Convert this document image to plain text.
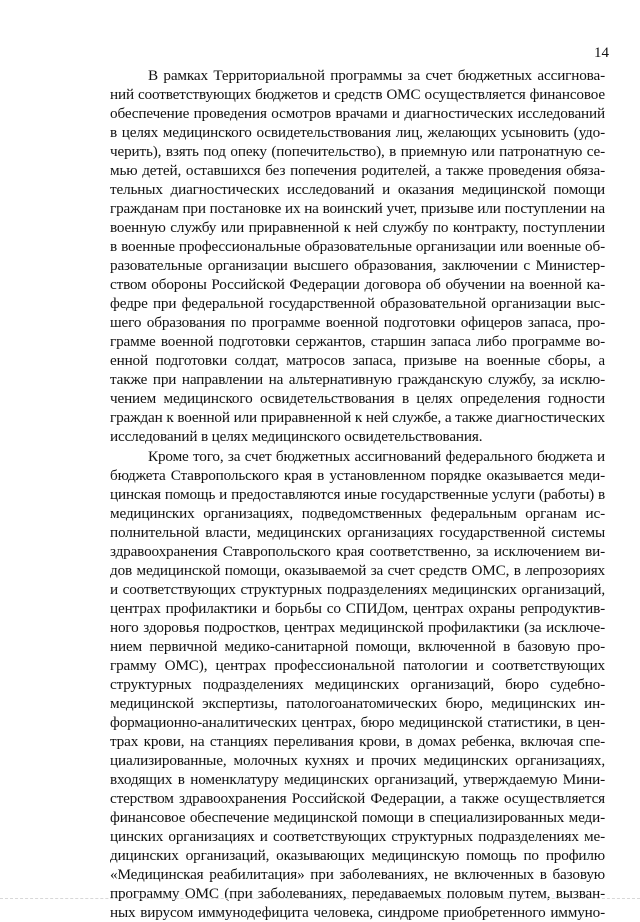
14
В рамках Территориальной программы за счет бюджетных ассигнова-
ний соответствующих бюджетов и средств ОМС осуществляется финансовое
обеспечение проведения осмотров врачами и диагностических исследований
в целях медицинского освидетельствования лиц, желающих усыновить (удо-
черить), взять под опеку (попечительство), в приемную или патронатную се-
мью детей, оставшихся без попечения родителей, а также проведения обяза-
тельных диагностических исследований и оказания медицинской помощи
гражданам при постановке их на воинский учет, призыве или поступлении на
военную службу или приравненной к ней службу по контракту, поступлении
в военные профессиональные образовательные организации или военные об-
разовательные организации высшего образования, заключении с Министер-
ством обороны Российской Федерации договора об обучении на военной ка-
федре при федеральной государственной образовательной организации выс-
шего образования по программе военной подготовки офицеров запаса, про-
грамме военной подготовки сержантов, старшин запаса либо программе во-
енной подготовки солдат, матросов запаса, призыве на военные сборы, а
также при направлении на альтернативную гражданскую службу, за исклю-
чением медицинского освидетельствования в целях определения годности
граждан к военной или приравненной к ней службе, а также диагностических
исследований в целях медицинского освидетельствования.
Кроме того, за счет бюджетных ассигнований федерального бюджета и
бюджета Ставропольского края в установленном порядке оказывается меди-
цинская помощь и предоставляются иные государственные услуги (работы) в
медицинских организациях, подведомственных федеральным органам ис-
полнительной власти, медицинских организациях государственной системы
здравоохранения Ставропольского края соответственно, за исключением ви-
дов медицинской помощи, оказываемой за счет средств ОМС, в лепрозориях
и соответствующих структурных подразделениях медицинских организаций,
центрах профилактики и борьбы со СПИДом, центрах охраны репродуктив-
ного здоровья подростков, центрах медицинской профилактики (за исключе-
нием первичной медико-санитарной помощи, включенной в базовую про-
грамму ОМС), центрах профессиональной патологии и соответствующих
структурных подразделениях медицинских организаций, бюро судебно-
медицинской экспертизы, патологоанатомических бюро, медицинских ин-
формационно-аналитических центрах, бюро медицинской статистики, в цен-
трах крови, на станциях переливания крови, в домах ребенка, включая спе-
циализированные, молочных кухнях и прочих медицинских организациях,
входящих в номенклатуру медицинских организаций, утверждаемую Мини-
стерством здравоохранения Российской Федерации, а также осуществляется
финансовое обеспечение медицинской помощи в специализированных меди-
цинских организациях и соответствующих структурных подразделениях ме-
дицинских организаций, оказывающих медицинскую помощь по профилю
«Медицинская реабилитация» при заболеваниях, не включенных в базовую
программу ОМС (при заболеваниях, передаваемых половым путем, вызван-
ных вирусом иммунодефицита человека, синдроме приобретенного иммуно-
